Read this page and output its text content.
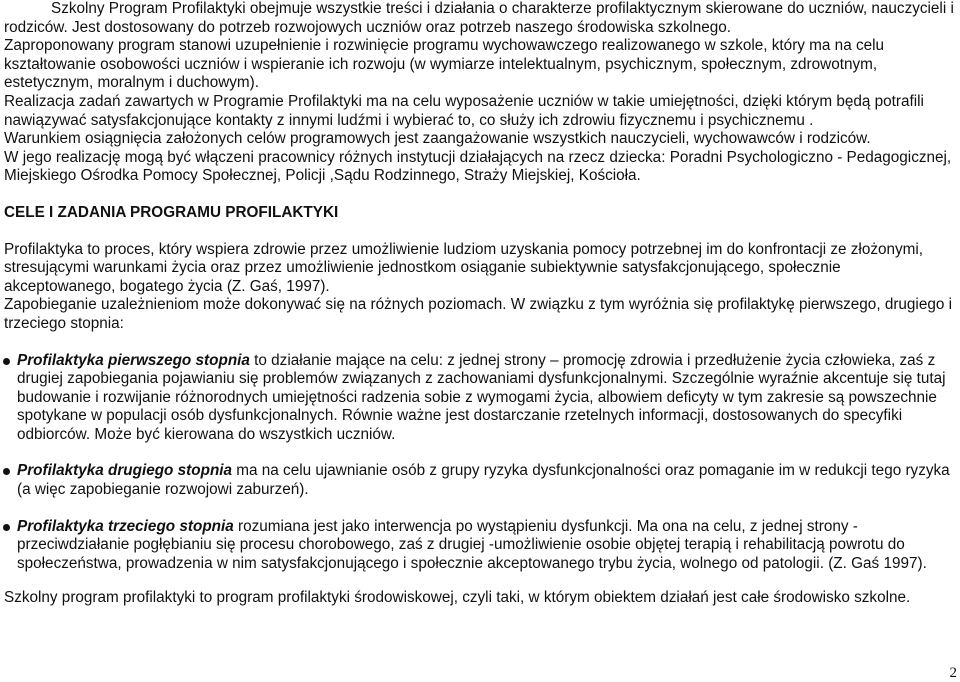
Szkolny Program Profilaktyki obejmuje wszystkie treści i działania o charakterze profilaktycznym skierowane do uczniów, nauczycieli i rodziców. Jest dostosowany do potrzeb rozwojowych uczniów oraz potrzeb naszego środowiska szkolnego.

Zaproponowany program stanowi uzupełnienie i rozwinięcie programu wychowawczego realizowanego w szkole, który ma na celu kształtowanie osobowości uczniów i wspieranie ich rozwoju (w wymiarze intelektualnym, psychicznym, społecznym, zdrowotnym, estetycznym, moralnym i duchowym).

Realizacja zadań zawartych w Programie Profilaktyki ma na celu wyposażenie uczniów w takie umiejętności, dzięki którym będą potrafili nawiązywać satysfakcjonujące kontakty z innymi ludźmi i wybierać to, co służy ich zdrowiu fizycznemu i psychicznemu .

Warunkiem osiągnięcia założonych celów programowych jest zaangażowanie wszystkich nauczycieli, wychowawców i rodziców.

W jego realizację mogą być włączeni pracownicy różnych instytucji działających na rzecz dziecka: Poradni Psychologiczno - Pedagogicznej, Miejskiego Ośrodka Pomocy Społecznej, Policji ,Sądu Rodzinnego, Straży Miejskiej, Kościoła.

CELE I ZADANIA PROGRAMU PROFILAKTYKI

Profilaktyka to proces, który wspiera zdrowie przez umożliwienie ludziom uzyskania pomocy potrzebnej im do konfrontacji ze złożonymi, stresującymi warunkami życia oraz przez umożliwienie jednostkom osiąganie subiektywnie satysfakcjonującego, społecznie akceptowanego, bogatego życia (Z. Gaś, 1997).

Zapobieganie uzależnieniom może dokonywać się na różnych poziomach. W związku z tym wyróżnia się profilaktykę pierwszego, drugiego i trzeciego stopnia:

Profilaktyka pierwszego stopnia to działanie mające na celu: z jednej strony – promocję zdrowia i przedłużenie życia człowieka, zaś z drugiej zapobiegania pojawianiu się problemów związanych z zachowaniami dysfunkcjonalnymi. Szczególnie wyraźnie akcentuje się tutaj budowanie i rozwijanie różnorodnych umiejętności radzenia sobie z wymogami życia, albowiem deficyty w tym zakresie są powszechnie spotykane w populacji osób dysfunkcjonalnych. Równie ważne jest dostarczanie rzetelnych informacji, dostosowanych do specyfiki odbiorców. Może być kierowana do wszystkich uczniów.
Profilaktyka drugiego stopnia ma na celu ujawnianie osób z grupy ryzyka dysfunkcjonalności oraz pomaganie im w redukcji tego ryzyka (a więc zapobieganie rozwojowi zaburzeń).
Profilaktyka trzeciego stopnia rozumiana jest jako interwencja po wystąpieniu dysfunkcji. Ma ona na celu, z jednej strony - przeciwdziałanie pogłębianiu się procesu chorobowego, zaś z drugiej -umożliwienie osobie objętej terapią i rehabilitacją powrotu do społeczeństwa, prowadzenia w nim satysfakcjonującego i społecznie akceptowanego trybu życia, wolnego od patologii. (Z. Gaś 1997).

Szkolny program profilaktyki to program profilaktyki środowiskowej, czyli taki, w którym obiektem działań jest całe środowisko szkolne.

2
